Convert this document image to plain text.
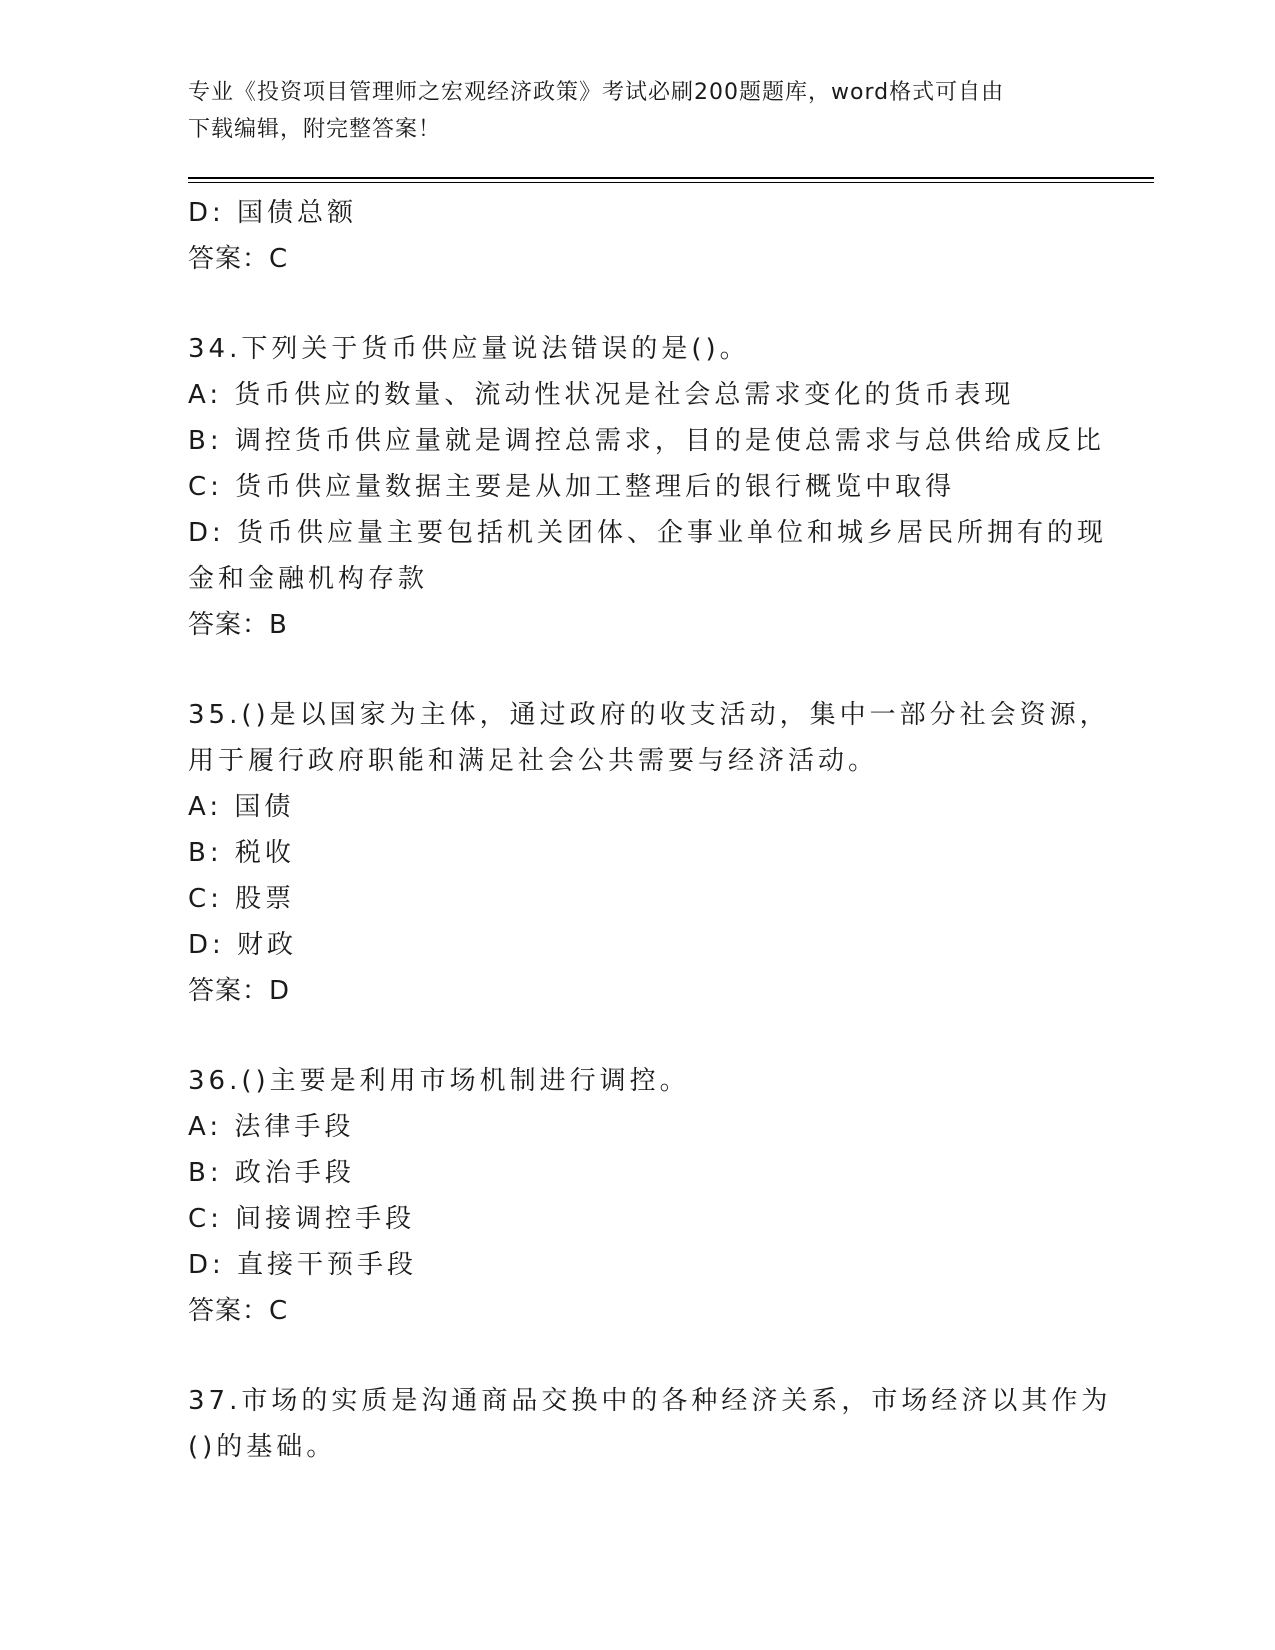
专业《投资项目管理师之宏观经济政策》考试必刷200题题库，word格式可自由
下载编辑，附完整答案！
D: 国债总额
答案：C
34.下列关于货币供应量说法错误的是()。
A: 货币供应的数量、流动性状况是社会总需求变化的货币表现
B: 调控货币供应量就是调控总需求，目的是使总需求与总供给成反比
C: 货币供应量数据主要是从加工整理后的银行概览中取得
D: 货币供应量主要包括机关团体、企事业单位和城乡居民所拥有的现
金和金融机构存款
答案：B
35.()是以国家为主体，通过政府的收支活动，集中一部分社会资源，
用于履行政府职能和满足社会公共需要与经济活动。
A: 国债
B: 税收
C: 股票
D: 财政
答案：D
36.()主要是利用市场机制进行调控。
A: 法律手段
B: 政治手段
C: 间接调控手段
D: 直接干预手段
答案：C
37.市场的实质是沟通商品交换中的各种经济关系，市场经济以其作为
()的基础。
